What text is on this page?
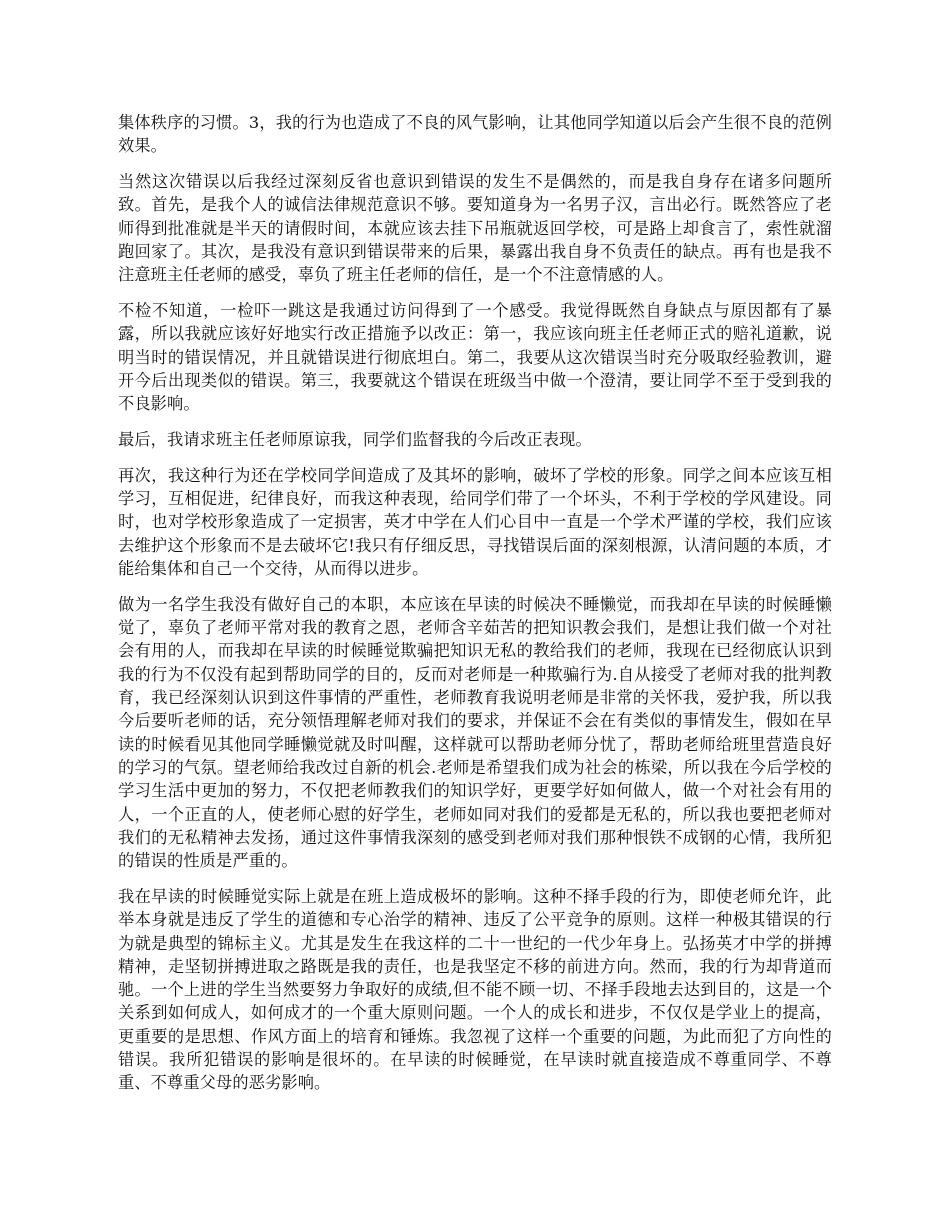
集体秩序的习惯。3，我的行为也造成了不良的风气影响，让其他同学知道以后会产生很不良的范例效果。

当然这次错误以后我经过深刻反省也意识到错误的发生不是偶然的，而是我自身存在诸多问题所致。首先，是我个人的诚信法律规范意识不够。要知道身为一名男子汉，言出必行。既然答应了老师得到批准就是半天的请假时间，本就应该去挂下吊瓶就返回学校，可是路上却食言了，索性就溜跑回家了。其次，是我没有意识到错误带来的后果，暴露出我自身不负责任的缺点。再有也是我不注意班主任老师的感受，辜负了班主任老师的信任，是一个不注意情感的人。

不检不知道，一检吓一跳这是我通过访问得到了一个感受。我觉得既然自身缺点与原因都有了暴露，所以我就应该好好地实行改正措施予以改正：第一，我应该向班主任老师正式的赔礼道歉，说明当时的错误情况，并且就错误进行彻底坦白。第二，我要从这次错误当时充分吸取经验教训，避开今后出现类似的错误。第三，我要就这个错误在班级当中做一个澄清，要让同学不至于受到我的不良影响。

最后，我请求班主任老师原谅我，同学们监督我的今后改正表现。

再次，我这种行为还在学校同学间造成了及其坏的影响，破坏了学校的形象。同学之间本应该互相学习，互相促进，纪律良好，而我这种表现，给同学们带了一个坏头，不利于学校的学风建设。同时，也对学校形象造成了一定损害，英才中学在人们心目中一直是一个学术严谨的学校，我们应该去维护这个形象而不是去破坏它!我只有仔细反思，寻找错误后面的深刻根源，认清问题的本质，才能给集体和自己一个交待，从而得以进步。

做为一名学生我没有做好自己的本职，本应该在早读的时候决不睡懒觉，而我却在早读的时候睡懒觉了，辜负了老师平常对我的教育之恩，老师含辛茹苦的把知识教会我们，是想让我们做一个对社会有用的人，而我却在早读的时候睡觉欺骗把知识无私的教给我们的老师，我现在已经彻底认识到我的行为不仅没有起到帮助同学的目的，反而对老师是一种欺骗行为.自从接受了老师对我的批判教育，我已经深刻认识到这件事情的严重性，老师教育我说明老师是非常的关怀我，爱护我，所以我今后要听老师的话，充分领悟理解老师对我们的要求，并保证不会在有类似的事情发生，假如在早读的时候看见其他同学睡懒觉就及时叫醒，这样就可以帮助老师分忧了，帮助老师给班里营造良好的学习的气氛。望老师给我改过自新的机会.老师是希望我们成为社会的栋梁，所以我在今后学校的学习生活中更加的努力，不仅把老师教我们的知识学好，更要学好如何做人，做一个对社会有用的人，一个正直的人，使老师心慰的好学生，老师如同对我们的爱都是无私的，所以我也要把老师对我们的无私精神去发扬，通过这件事情我深刻的感受到老师对我们那种恨铁不成钢的心情，我所犯的错误的性质是严重的。

我在早读的时候睡觉实际上就是在班上造成极坏的影响。这种不择手段的行为，即使老师允许，此举本身就是违反了学生的道德和专心治学的精神、违反了公平竞争的原则。这样一种极其错误的行为就是典型的锦标主义。尤其是发生在我这样的二十一世纪的一代少年身上。弘扬英才中学的拼搏精神，走坚韧拼搏进取之路既是我的责任，也是我坚定不移的前进方向。然而，我的行为却背道而驰。一个上进的学生当然要努力争取好的成绩,但不能不顾一切、不择手段地去达到目的，这是一个关系到如何成人，如何成才的一个重大原则问题。一个人的成长和进步，不仅仅是学业上的提高，更重要的是思想、作风方面上的培育和锤炼。我忽视了这样一个重要的问题，为此而犯了方向性的错误。我所犯错误的影响是很坏的。在早读的时候睡觉，在早读时就直接造成不尊重同学、不尊重、不尊重父母的恶劣影响。
